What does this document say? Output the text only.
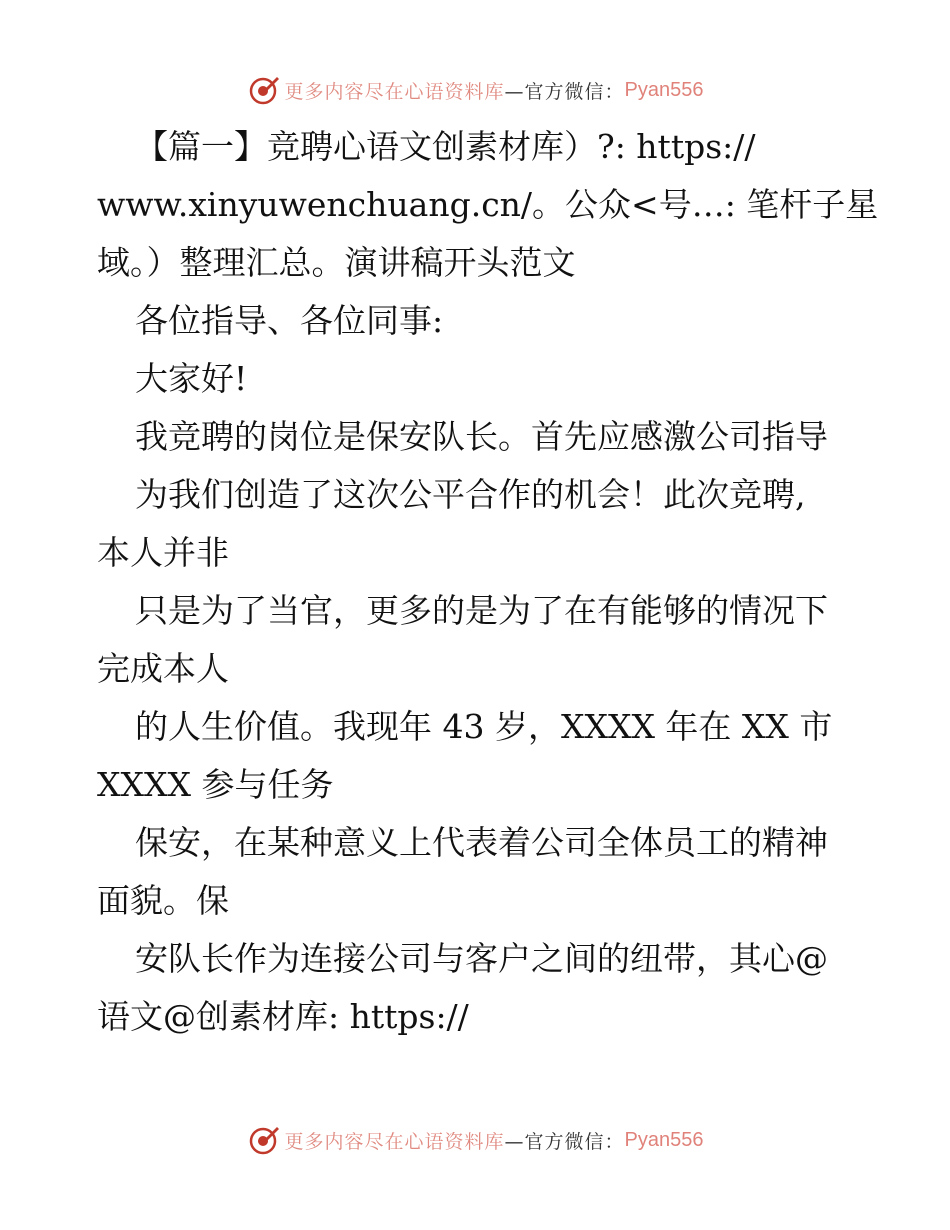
更多内容尽在心语资料库 —官方微信： Pyan556
【篇一】竞聘心语文创素材库）?: https://
www.xinyuwenchuang.cn/。公众<号…: 笔杆子星
域。）整理汇总。演讲稿开头范文
各位指导、各位同事:
大家好!
我竞聘的岗位是保安队长。首先应感激公司指导
为我们创造了这次公平合作的机会！此次竞聘,
本人并非
只是为了当官，更多的是为了在有能够的情况下
完成本人
的人生价值。我现年 43 岁，XXXX 年在 XX 市
XXXX 参与任务
保安，在某种意义上代表着公司全体员工的精神
面貌。保
安队长作为连接公司与客户之间的纽带，其心@
语文@创素材库: https://
更多内容尽在心语资料库 —官方微信： Pyan556
